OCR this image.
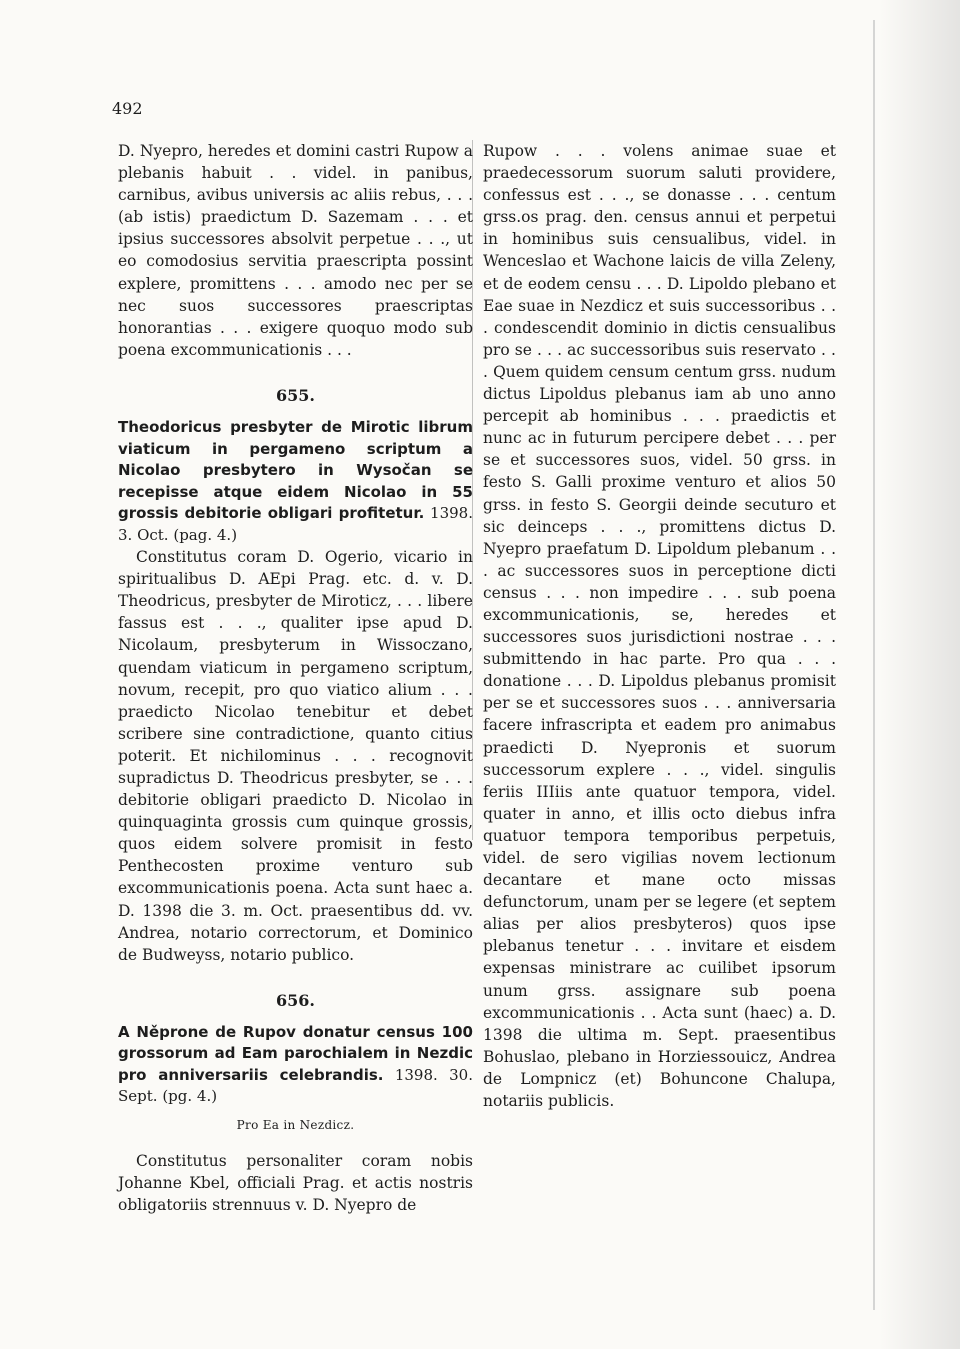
492

D. Nyepro, heredes et domini castri Rupow a plebanis habuit . . videl. in panibus, carnibus, avibus universis ac aliis rebus, . . . (ab istis) praedictum D. Sazemam . . . et ipsius successores absolvit perpetue . . ., ut eo comodosius servitia praescripta possint explere, promittens . . . amodo nec per se nec suos successores praescriptas honorantias . . . exigere quoquo modo sub poena excommunicationis . . .

655.

Theodoricus presbyter de Mirotic librum viaticum in pergameno scriptum a Nicolao presbytero in Wysočan se recepisse atque eidem Nicolao in 55 grossis debitorie obligari profitetur. 1398. 3. Oct. (pag. 4.)

Constitutus coram D. Ogerio, vicario in spiritualibus D. AEpi Prag. etc. d. v. D. Theodricus, presbyter de Miroticz, . . . libere fassus est . . ., qualiter ipse apud D. Nicolaum, presbyterum in Wissoczano, quendam viaticum in pergameno scriptum, novum, recepit, pro quo viatico alium . . . praedicto Nicolao tenebitur et debet scribere sine contradictione, quanto citius poterit. Et nichilominus . . . recognovit supradictus D. Theodricus presbyter, se . . . debitorie obligari praedicto D. Nicolao in quinquaginta grossis cum quinque grossis, quos eidem solvere promisit in festo Penthecosten proxime venturo sub excommunicationis poena. Acta sunt haec a. D. 1398 die 3. m. Oct. praesentibus dd. vv. Andrea, notario correctorum, et Dominico de Budweyss, notario publico.

656.

A Něprone de Rupov donatur census 100 grossorum ad Eam parochialem in Nezdic pro anniversariis celebrandis. 1398. 30. Sept. (pg. 4.)

Pro Ea in Nezdicz.

Constitutus personaliter coram nobis Johanne Kbel, officiali Prag. et actis nostris obligatoriis strennuus v. D. Nyepro de

Rupow . . . volens animae suae et praedecessorum suorum saluti providere, confessus est . . ., se donasse . . . centum grss.os prag. den. census annui et perpetui in hominibus suis censualibus, videl. in Wenceslao et Wachone laicis de villa Zeleny, et de eodem censu . . . D. Lipoldo plebano et Eae suae in Nezdicz et suis successoribus . . . condescendit dominio in dictis censualibus pro se . . . ac successoribus suis reservato . . . Quem quidem censum centum grss. nudum dictus Lipoldus plebanus iam ab uno anno percepit ab hominibus . . . praedictis et nunc ac in futurum percipere debet . . . per se et successores suos, videl. 50 grss. in festo S. Galli proxime venturo et alios 50 grss. in festo S. Georgii deinde secuturo et sic deinceps . . ., promittens dictus D. Nyepro praefatum D. Lipoldum plebanum . . . ac successores suos in perceptione dicti census . . . non impedire . . . sub poena excommunicationis, se, heredes et successores suos jurisdictioni nostrae . . . submittendo in hac parte. Pro qua . . . donatione . . . D. Lipoldus plebanus promisit per se et successores suos . . . anniversaria facere infrascripta et eadem pro animabus praedicti D. Nyepronis et suorum successorum explere . . ., videl. singulis feriis IIIiis ante quatuor tempora, videl. quater in anno, et illis octo diebus infra quatuor tempora temporibus perpetuis, videl. de sero vigilias novem lectionum decantare et mane octo missas defunctorum, unam per se legere (et septem alias per alios presbyteros) quos ipse plebanus tenetur . . . invitare et eisdem expensas ministrare ac cuilibet ipsorum unum grss. assignare sub poena excommunicationis . . Acta sunt (haec) a. D. 1398 die ultima m. Sept. praesentibus Bohuslao, plebano in Horziessouicz, Andrea de Lompnicz (et) Bohuncone Chalupa, notariis publicis.
